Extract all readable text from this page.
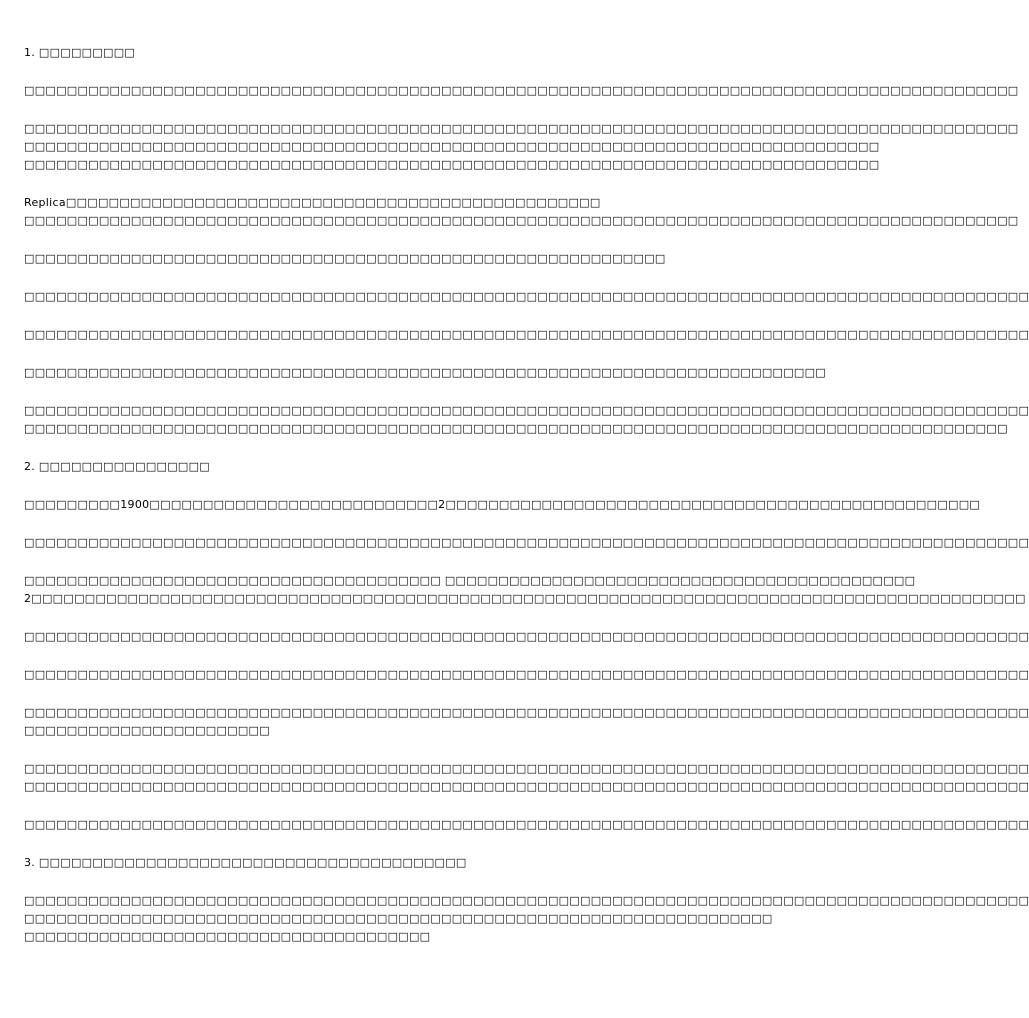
1. □□□□□□□□□
□□□□□□□□□□□□□□□□□□□□□□□□□□□□□□□□□□□□□□□□□□□□□□□□□□□□□□□□□□□□□□□□□□□□□□□□□□□□□□□□□□□□□□□□□□□□□
□□□□□□□□□□□□□□□□□□□□□□□□□□□□□□□□□□□□□□□□□□□□□□□□□□□□□□□□□□□□□□□□□□□□□□□□□□□□□□□□□□□□□□□□□□□□□
□□□□□□□□□□□□□□□□□□□□□□□□□□□□□□□□□□□□□□□□□□□□□□□□□□□□□□□□□□□□□□□□□□□□□□□□□□□□□□□□
□□□□□□□□□□□□□□□□□□□□□□□□□□□□□□□□□□□□□□□□□□□□□□□□□□□□□□□□□□□□□□□□□□□□□□□□□□□□□□□□
Replica□□□□□□□□□□□□□□□□□□□□□□□□□□□□□□□□□□□□□□□□□□□□□□□□□□
□□□□□□□□□□□□□□□□□□□□□□□□□□□□□□□□□□□□□□□□□□□□□□□□□□□□□□□□□□□□□□□□□□□□□□□□□□□□□□□□□□□□□□□□□□□□□
□□□□□□□□□□□□□□□□□□□□□□□□□□□□□□□□□□□□□□□□□□□□□□□□□□□□□□□□□□□□
□□□□□□□□□□□□□□□□□□□□□□□□□□□□□□□□□□□□□□□□□□□□□□□□□□□□□□□□□□□□□□□□□□□□□□□□□□□□□□□□□□□□□□□□□□□□□□
□□□□□□□□□□□□□□□□□□□□□□□□□□□□□□□□□□□□□□□□□□□□□□□□□□□□□□□□□□□□□□□□□□□□□□□□□□□□□□□□□□□□□□□□□□□□□□
□□□□□□□□□□□□□□□□□□□□□□□□□□□□□□□□□□□□□□□□□□□□□□□□□□□□□□□□□□□□□□□□□□□□□□□□□□□
□□□□□□□□□□□□□□□□□□□□□□□□□□□□□□□□□□□□□□□□□□□□□□□□□□□□□□□□□□□□□□□□□□□□□□□□□□□□□□□□□□□□□□□□□□□□□□
□□□□□□□□□□□□□□□□□□□□□□□□□□□□□□□□□□□□□□□□□□□□□□□□□□□□□□□□□□□□□□□□□□□□□□□□□□□□□□□□□□□□□□□□□□□□
2. □□□□□□□□□□□□□□□□
□□□□□□□□□1900□□□□□□□□□□□□□□□□□□□□□□□□□□□2□□□□□□□□□□□□□□□□□□□□□□□□□□□□□□□□□□□□□□□□□□□□□□□□□□
□□□□□□□□□□□□□□□□□□□□□□□□□□□□□□□□□□□□□□□□□□□□□□□□□□□□□□□□□□□□□□□□□□□□□□□□□□□□□□□□□□□□□□□□□□□□□□
□□□□□□□□□□□□□□□□□□□□□□□□□□□□□□□□□□□□□□□ □□□□□□□□□□□□□□□□□□□□□□□□□□□□□□□□□□□□□□□□□□□□
2□□□□□□□□□□□□□□□□□□□□□□□□□□□□□□□□□□□□□□□□□□□□□□□□□□□□□□□□□□□□□□□□□□□□□□□□□□□□□□□□□□□□□□□□□□□□□
□□□□□□□□□□□□□□□□□□□□□□□□□□□□□□□□□□□□□□□□□□□□□□□□□□□□□□□□□□□□□□□□□□□□□□□□□□□□□□□□□□□□□□□□□□□□□□
□□□□□□□□□□□□□□□□□□□□□□□□□□□□□□□□□□□□□□□□□□□□□□□□□□□□□□□□□□□□□□□□□□□□□□□□□□□□□□□□□□□□□□□□□□□□□□
□□□□□□□□□□□□□□□□□□□□□□□□□□□□□□□□□□□□□□□□□□□□□□□□□□□□□□□□□□□□□□□□□□□□□□□□□□□□□□□□□□□□□□□□□□□□□□
□□□□□□□□□□□□□□□□□□□□□□□
□□□□□□□□□□□□□□□□□□□□□□□□□□□□□□□□□□□□□□□□□□□□□□□□□□□□□□□□□□□□□□□□□□□□□□□□□□□□□□□□□□□□□□□□□□□□□□
□□□□□□□□□□□□□□□□□□□□□□□□□□□□□□□□□□□□□□□□□□□□□□□□□□□□□□□□□□□□□□□□□□□□□□□□□□□□□□□□□□□□□□□□□□□□□□
□□□□□□□□□□□□□□□□□□□□□□□□□□□□□□□□□□□□□□□□□□□□□□□□□□□□□□□□□□□□□□□□□□□□□□□□□□□□□□□□□□□□□□□□□□□□□□
3. □□□□□□□□□□□□□□□□□□□□□□□□□□□□□□□□□□□□□□□□
□□□□□□□□□□□□□□□□□□□□□□□□□□□□□□□□□□□□□□□□□□□□□□□□□□□□□□□□□□□□□□□□□□□□□□□□□□□□□□□□□□□□□□□□□□□□□□
□□□□□□□□□□□□□□□□□□□□□□□□□□□□□□□□□□□□□□□□□□□□□□□□□□□□□□□□□□□□□□□□□□□□□□
□□□□□□□□□□□□□□□□□□□□□□□□□□□□□□□□□□□□□□
